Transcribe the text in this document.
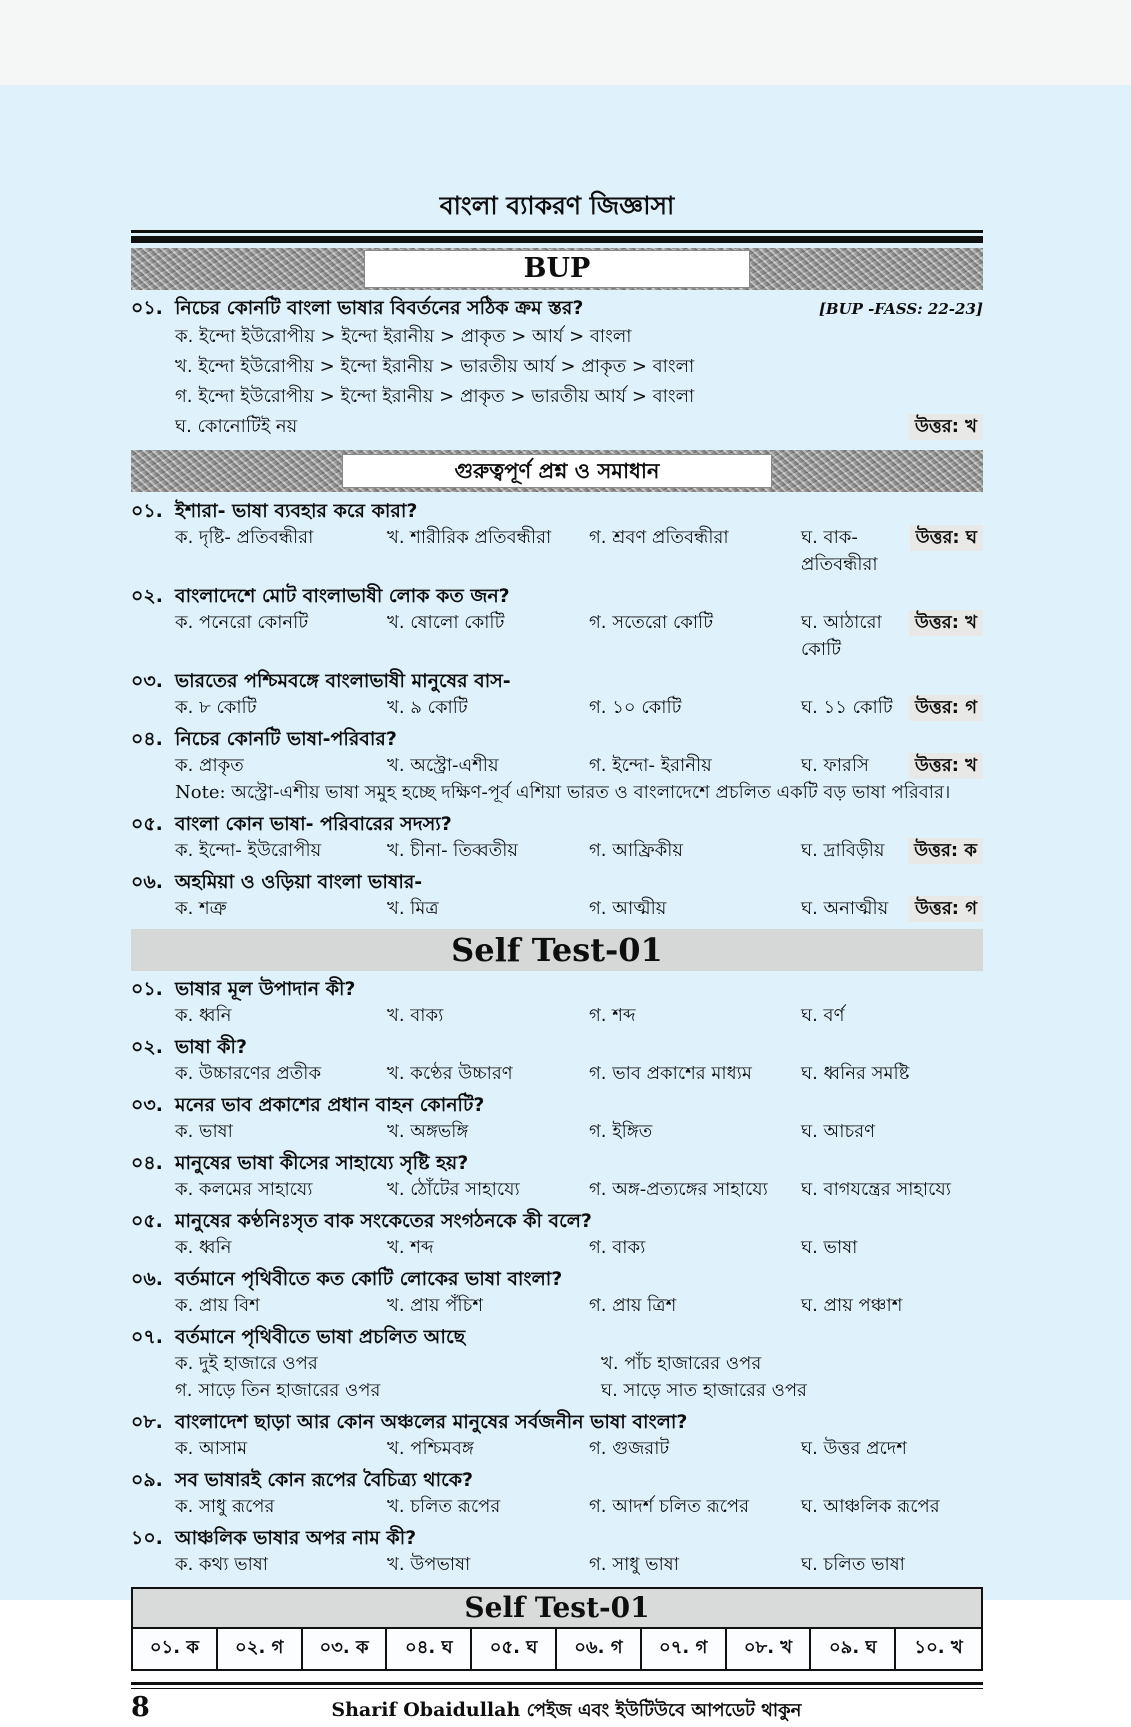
বাংলা ব্যাকরণ জিজ্ঞাসা
BUP
০১. নিচের কোনটি বাংলা ভাষার বিবর্তনের সঠিক ক্রম স্তর?	[BUP -FASS: 22-23]
ক. ইন্দো ইউরোপীয় > ইন্দো ইরানীয় > প্রাকৃত > আর্য > বাংলা
খ. ইন্দো ইউরোপীয় > ইন্দো ইরানীয় > ভারতীয় আর্য > প্রাকৃত > বাংলা
গ. ইন্দো ইউরোপীয় > ইন্দো ইরানীয় > প্রাকৃত > ভারতীয় আর্য > বাংলা
ঘ. কোনোটিই নয়	উত্তর: খ
গুরুত্বপূর্ণ প্রশ্ন ও সমাধান
০১. ইশারা- ভাষা ব্যবহার করে কারা?
ক. দৃষ্টি- প্রতিবন্ধীরা	খ. শারীরিক প্রতিবন্ধীরা	গ. শ্রবণ প্রতিবন্ধীরা	ঘ. বাক-প্রতিবন্ধীরা
উত্তর: ঘ
০২. বাংলাদেশে মোট বাংলাভাষী লোক কত জন?
ক. পনেরো কোনটি	খ. ষোলো কোটি	গ. সতেরো কোটি	ঘ. আঠারো কোটি
উত্তর: খ
০৩. ভারতের পশ্চিমবঙ্গে বাংলাভাষী মানুষের বাস-
ক. ৮ কোটি	খ. ৯ কোটি	গ. ১০ কোটি	ঘ. ১১ কোটি	উত্তর: গ
০৪. নিচের কোনটি ভাষা-পরিবার?
ক. প্রাকৃত	খ. অস্ট্রো-এশীয়	গ. ইন্দো- ইরানীয়	ঘ. ফারসি	উত্তর: খ
Note: অস্ট্রো-এশীয় ভাষা সমুহ হচ্ছে দক্ষিণ-পূর্ব এশিয়া ভারত ও বাংলাদেশে প্রচলিত একটি বড় ভাষা পরিবার।
০৫. বাংলা কোন ভাষা- পরিবারের সদস্য?
ক. ইন্দো- ইউরোপীয়	খ. চীনা- তিব্বতীয়	গ. আফ্রিকীয়	ঘ. দ্রাবিড়ীয়	উত্তর: ক
০৬. অহমিয়া ও ওড়িয়া বাংলা ভাষার-
ক. শত্রু	খ. মিত্র	গ. আত্মীয়	ঘ. অনাত্মীয়	উত্তর: গ
Self Test-01
০১. ভাষার মূল উপাদান কী?
ক. ধ্বনি	খ. বাক্য	গ. শব্দ	ঘ. বর্ণ
০২. ভাষা কী?
ক. উচ্চারণের প্রতীক	খ. কণ্ঠের উচ্চারণ	গ. ভাব প্রকাশের মাধ্যম	ঘ. ধ্বনির সমষ্টি
০৩. মনের ভাব প্রকাশের প্রধান বাহন কোনটি?
ক. ভাষা	খ. অঙ্গভঙ্গি	গ. ইঙ্গিত	ঘ. আচরণ
০৪. মানুষের ভাষা কীসের সাহায্যে সৃষ্টি হয়?
ক. কলমের সাহায্যে	খ. ঠোঁটের সাহায্যে	গ. অঙ্গ-প্রত্যঙ্গের সাহায্যে	ঘ. বাগযন্ত্রের সাহায্যে
০৫. মানুষের কণ্ঠনিঃসৃত বাক সংকেতের সংগঠনকে কী বলে?
ক. ধ্বনি	খ. শব্দ	গ. বাক্য	ঘ. ভাষা
০৬. বর্তমানে পৃথিবীতে কত কোটি লোকের ভাষা বাংলা?
ক. প্রায় বিশ	খ. প্রায় পঁচিশ	গ. প্রায় ত্রিশ	ঘ. প্রায় পঞ্চাশ
০৭. বর্তমানে পৃথিবীতে ভাষা প্রচলিত আছে
ক. দুই হাজারে ওপর	খ. পাঁচ হাজারের ওপর
গ. সাড়ে তিন হাজারের ওপর	ঘ. সাড়ে সাত হাজারের ওপর
০৮. বাংলাদেশ ছাড়া আর কোন অঞ্চলের মানুষের সর্বজনীন ভাষা বাংলা?
ক. আসাম	খ. পশ্চিমবঙ্গ	গ. গুজরাট	ঘ. উত্তর প্রদেশ
০৯. সব ভাষারই কোন রূপের বৈচিত্র্য থাকে?
ক. সাধু রূপের	খ. চলিত রূপের	গ. আদর্শ চলিত রূপের	ঘ. আঞ্চলিক রূপের
১০. আঞ্চলিক ভাষার অপর নাম কী?
ক. কথ্য ভাষা	খ. উপভাষা	গ. সাধু ভাষা	ঘ. চলিত ভাষা
Self Test-01
০১. ক	০২. গ	০৩. ক	০৪. ঘ	০৫. ঘ	০৬. গ	০৭. গ	০৮. খ	০৯. ঘ	১০. খ
8	Sharif Obaidullah পেইজ এবং ইউটিউবে আপডেট থাকুন
